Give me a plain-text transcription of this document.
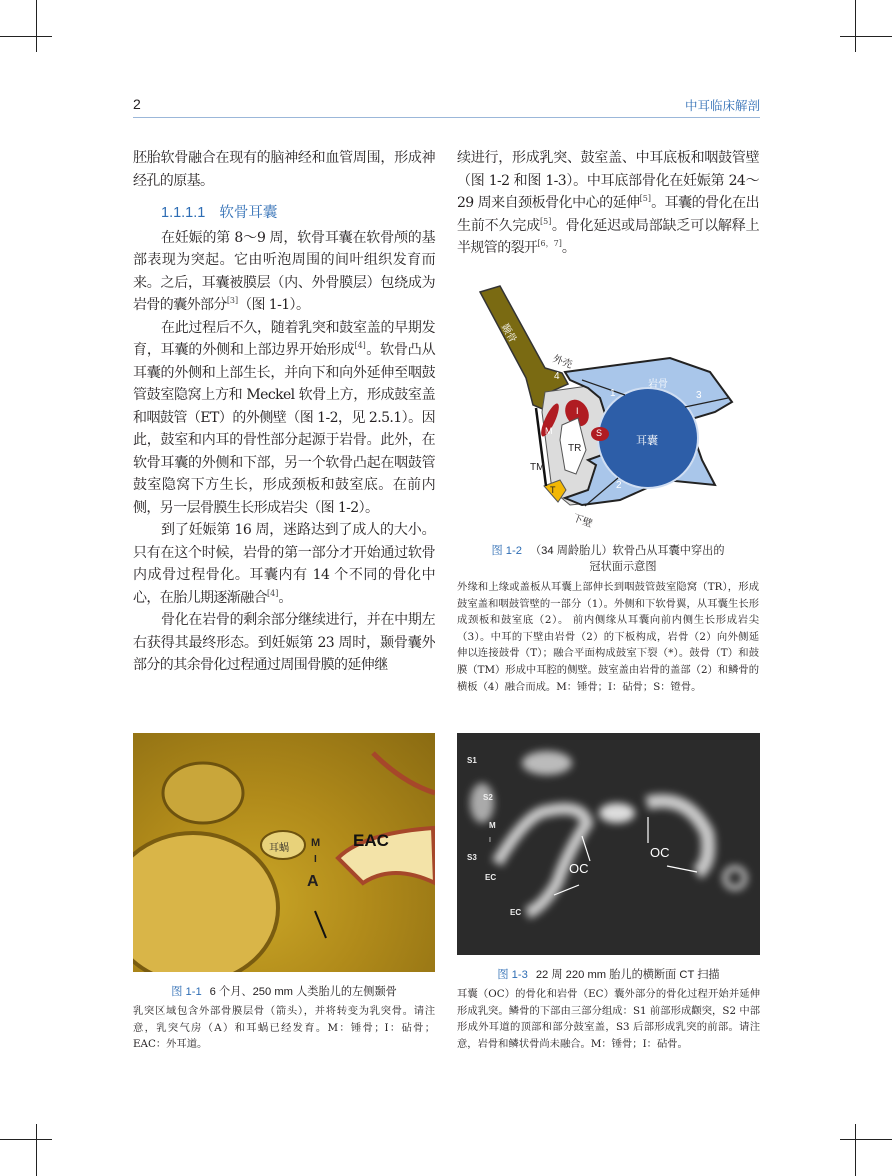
2	中耳临床解剖

胚胎软骨融合在现有的脑神经和血管周围，形成神经孔的原基。

1.1.1.1 软骨耳囊

在妊娠的第 8～9 周，软骨耳囊在软骨颅的基部表现为突起。它由听泡周围的间叶组织发育而来。之后，耳囊被膜层（内、外骨膜层）包绕成为岩骨的囊外部分[3]（图 1-1）。

在此过程后不久，随着乳突和鼓室盖的早期发育，耳囊的外侧和上部边界开始形成[4]。软骨凸从耳囊的外侧和上部生长，并向下和向外延伸至咽鼓管鼓室隐窝上方和 Meckel 软骨上方，形成鼓室盖和咽鼓管（ET）的外侧壁（图 1-2，见 2.5.1）。因此，鼓室和内耳的骨性部分起源于岩骨。此外，在软骨耳囊的外侧和下部，另一个软骨凸起在咽鼓管鼓室隐窝下方生长，形成颈板和鼓室底。在前内侧，另一层骨膜生长形成岩尖（图 1-2）。

到了妊娠第 16 周，迷路达到了成人的大小。只有在这个时候，岩骨的第一部分才开始通过软骨内成骨过程骨化。耳囊内有 14 个不同的骨化中心，在胎儿期逐渐融合[4]。

骨化在岩骨的剩余部分继续进行，并在中期左右获得其最终形态。到妊娠第 23 周时，颞骨囊外部分的其余骨化过程通过周围骨膜的延伸继

续进行，形成乳突、鼓室盖、中耳底板和咽鼓管壁（图 1-2 和图 1-3）。中耳底部骨化在妊娠第 24～29 周来自颈板骨化中心的延伸[5]。耳囊的骨化在出生前不久完成[5]。骨化延迟或局部缺乏可以解释上半规管的裂开[6，7]。

颞骨
外壳
4
岩骨
1	3
耳囊
TR
M
I
S
TM
T	2
下壁
图 1-2 （34 周龄胎儿）软骨凸从耳囊中穿出的
冠状面示意图
外缘和上缘或盖板从耳囊上部伸长到咽鼓管鼓室隐窝（TR），形成鼓室盖和咽鼓管壁的一部分（1）。外侧和下软骨翼，从耳囊生长形成颈板和鼓室底（2）。 前内侧缘从耳囊向前内侧生长形成岩尖（3）。中耳的下壁由岩骨（2）的下板构成，岩骨（2）向外侧延伸以连接鼓骨（T）；融合平面构成鼓室下裂（*）。鼓骨（T）和鼓膜（TM）形成中耳腔的侧壁。鼓室盖由岩骨的盖部（2）和鳞骨的横板（4）融合而成。M：锤骨；I：砧骨；S：镫骨。
耳蜗 M
I
A
EAC
图 1-1 6 个月、250 mm 人类胎儿的左侧颞骨
乳突区域包含外部骨膜层骨（箭头），并将转变为乳突骨。请注意，乳突气房（A）和耳蜗已经发育。M：锤骨；I：砧骨；EAC：外耳道。
S1
S2
M
I
S3
EC
EC
OC
OC
图 1-3 22 周 220 mm 胎儿的横断面 CT 扫描
耳囊（OC）的骨化和岩骨（EC）囊外部分的骨化过程开始并延伸形成乳突。鳞骨的下部由三部分组成：S1 前部形成颧突，S2 中部形成外耳道的顶部和部分鼓室盖，S3 后部形成乳突的前部。请注意，岩骨和鳞状骨尚未融合。M：锤骨；I：砧骨。
